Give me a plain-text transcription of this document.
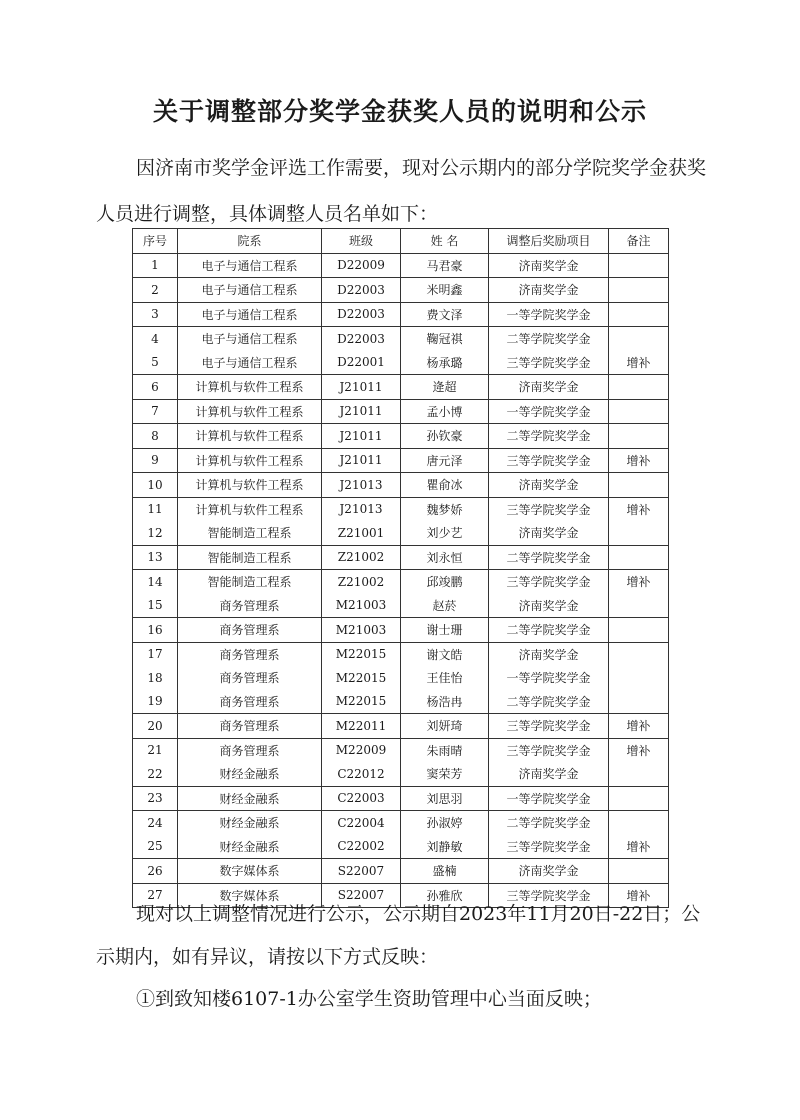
关于调整部分奖学金获奖人员的说明和公示

因济南市奖学金评选工作需要，现对公示期内的部分学院奖学金获奖人员进行调整，具体调整人员名单如下：

序号	院系	班级	姓 名	调整后奖励项目	备注
1	电子与通信工程系	D22009	马君豪	济南奖学金	
2	电子与通信工程系	D22003	米明鑫	济南奖学金	
3	电子与通信工程系	D22003	费文泽	一等学院奖学金	
4	电子与通信工程系	D22003	鞠冠祺	二等学院奖学金	
5	电子与通信工程系	D22001	杨承璐	三等学院奖学金	增补
6	计算机与软件工程系	J21011	逄超	济南奖学金	
7	计算机与软件工程系	J21011	孟小博	一等学院奖学金	
8	计算机与软件工程系	J21011	孙钦豪	二等学院奖学金	
9	计算机与软件工程系	J21011	唐元泽	三等学院奖学金	增补
10	计算机与软件工程系	J21013	瞿俞冰	济南奖学金	
11	计算机与软件工程系	J21013	魏梦娇	三等学院奖学金	增补
12	智能制造工程系	Z21001	刘少艺	济南奖学金	
13	智能制造工程系	Z21002	刘永恒	二等学院奖学金	
14	智能制造工程系	Z21002	邱竣鹏	三等学院奖学金	增补
15	商务管理系	M21003	赵菸	济南奖学金	
16	商务管理系	M21003	谢士珊	二等学院奖学金	
17	商务管理系	M22015	谢文皓	济南奖学金	
18	商务管理系	M22015	王佳怡	一等学院奖学金	
19	商务管理系	M22015	杨浩冉	二等学院奖学金	
20	商务管理系	M22011	刘妍琦	三等学院奖学金	增补
21	商务管理系	M22009	朱雨晴	三等学院奖学金	增补
22	财经金融系	C22012	窦荣芳	济南奖学金	
23	财经金融系	C22003	刘思羽	一等学院奖学金	
24	财经金融系	C22004	孙淑婷	二等学院奖学金	
25	财经金融系	C22002	刘静敏	三等学院奖学金	增补
26	数字媒体系	S22007	盛楠	济南奖学金	
27	数字媒体系	S22007	孙雅欣	三等学院奖学金	增补

现对以上调整情况进行公示，公示期自2023年11月20日-22日；公示期内，如有异议，请按以下方式反映：

①到致知楼6107-1办公室学生资助管理中心当面反映；
